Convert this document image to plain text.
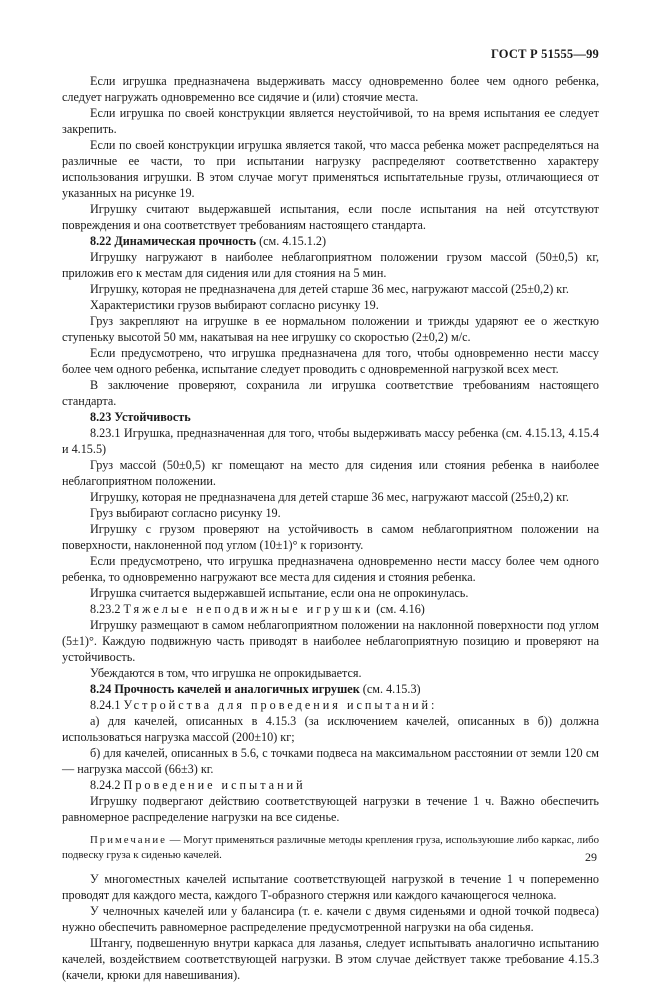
ГОСТ Р 51555—99

Если игрушка предназначена выдерживать массу одновременно более чем одного ребенка, следует нагружать одновременно все сидячие и (или) стоячие места.

Если игрушка по своей конструкции является неустойчивой, то на время испытания ее следует закрепить.

Если по своей конструкции игрушка является такой, что масса ребенка может распределяться на различные ее части, то при испытании нагрузку распределяют соответственно характеру использования игрушки. В этом случае могут применяться испытательные грузы, отличающиеся от указанных на рисунке 19.

Игрушку считают выдержавшей испытания, если после испытания на ней отсутствуют повреждения и она соответствует требованиям настоящего стандарта.

8.22 Динамическая прочность (см. 4.15.1.2)

Игрушку нагружают в наиболее неблагоприятном положении грузом массой (50±0,5) кг, приложив его к местам для сидения или для стояния на 5 мин.

Игрушку, которая не предназначена для детей старше 36 мес, нагружают массой (25±0,2) кг.

Характеристики грузов выбирают согласно рисунку 19.

Груз закрепляют на игрушке в ее нормальном положении и трижды ударяют ее о жесткую ступеньку высотой 50 мм, накатывая на нее игрушку со скоростью (2±0,2) м/с.

Если предусмотрено, что игрушка предназначена для того, чтобы одновременно нести массу более чем одного ребенка, испытание следует проводить с одновременной нагрузкой всех мест.

В заключение проверяют, сохранила ли игрушка соответствие требованиям настоящего стандарта.

8.23 Устойчивость

8.23.1 Игрушка, предназначенная для того, чтобы выдерживать массу ребенка (см. 4.15.13, 4.15.4 и 4.15.5)

Груз массой (50±0,5) кг помещают на место для сидения или стояния ребенка в наиболее неблагоприятном положении.

Игрушку, которая не предназначена для детей старше 36 мес, нагружают массой (25±0,2) кг.

Груз выбирают согласно рисунку 19.

Игрушку с грузом проверяют на устойчивость в самом неблагоприятном положении на поверхности, наклоненной под углом (10±1)° к горизонту.

Если предусмотрено, что игрушка предназначена одновременно нести массу более чем одного ребенка, то одновременно нагружают все места для сидения и стояния ребенка.

Игрушка считается выдержавшей испытание, если она не опрокинулась.

8.23.2 Тяжелые неподвижные игрушки (см. 4.16)

Игрушку размещают в самом неблагоприятном положении на наклонной поверхности под углом (5±1)°. Каждую подвижную часть приводят в наиболее неблагоприятную позицию и проверяют на устойчивость.

Убеждаются в том, что игрушка не опрокидывается.

8.24 Прочность качелей и аналогичных игрушек (см. 4.15.3)

8.24.1 Устройства для проведения испытаний:

а) для качелей, описанных в 4.15.3 (за исключением качелей, описанных в б)) должна использоваться нагрузка массой (200±10) кг;

б) для качелей, описанных в 5.6, с точками подвеса на максимальном расстоянии от земли 120 см — нагрузка массой (66±3) кг.

8.24.2 Проведение испытаний

Игрушку подвергают действию соответствующей нагрузки в течение 1 ч. Важно обеспечить равномерное распределение нагрузки на все сиденье.

Примечание — Могут применяться различные методы крепления груза, используюшие либо каркас, либо подвеску груза к сиденью качелей.

У многоместных качелей испытание соответствующей нагрузкой в течение 1 ч попеременно проводят для каждого места, каждого Т-образного стержня или каждого качающегося челнока.

У челночных качелей или у балансира (т. е. качели с двумя сиденьями и одной точкой подвеса) нужно обеспечить равномерное распределение предусмотренной нагрузки на оба сиденья.

Штангу, подвешенную внутри каркаса для лазанья, следует испытывать аналогично испытанию качелей, воздействием соответствующей нагрузки. В этом случае действует также требование 4.15.3 (качели, крюки для навешивания).

29
